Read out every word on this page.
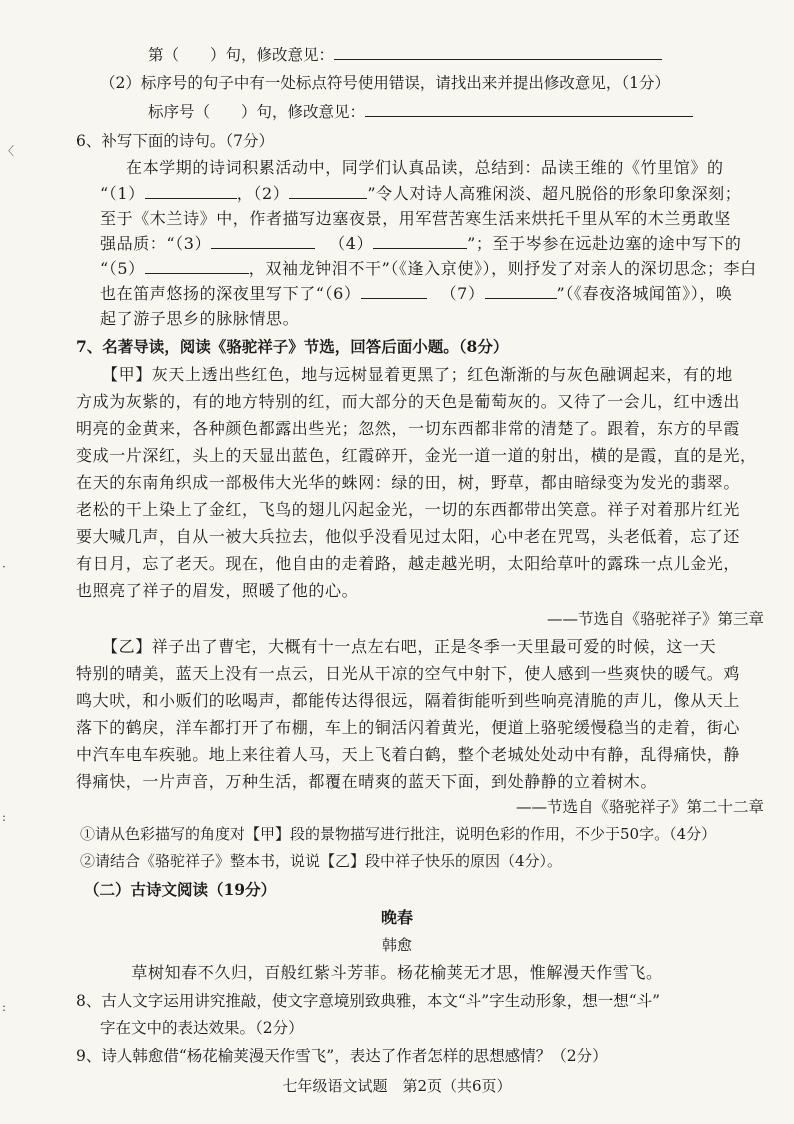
〈
·
:
:
第（　　）句，修改意见：
（2）标序号的句子中有一处标点符号使用错误，请找出来并提出修改意见，（1分）
标序号（　　）句，修改意见：
6、补写下面的诗句。（7分）
在本学期的诗词积累活动中，同学们认真品读，总结到：品读王维的《竹里馆》的
“（1）	，（2）	”令人对诗人高雅闲淡、超凡脱俗的形象印象深刻；
至于《木兰诗》中，作者描写边塞夜景，用军营苦寒生活来烘托千里从军的木兰勇敢坚
强品质：“（3）	（4）	”；至于岑参在远赴边塞的途中写下的
“（5）	，双袖龙钟泪不干”（《逢入京使》），则抒发了对亲人的深切思念；李白
也在笛声悠扬的深夜里写下了“（6）	（7）	”（《春夜洛城闻笛》），唤
起了游子思乡的脉脉情思。
7、名著导读，阅读《骆驼祥子》节选，回答后面小题。（8分）
【甲】灰天上透出些红色，地与远树显着更黑了；红色渐渐的与灰色融调起来，有的地
方成为灰紫的，有的地方特别的红，而大部分的天色是葡萄灰的。又待了一会儿，红中透出
明亮的金黄来，各种颜色都露出些光；忽然，一切东西都非常的清楚了。跟着，东方的早霞
变成一片深红，头上的天显出蓝色，红霞碎开，金光一道一道的射出，横的是霞，直的是光，
在天的东南角织成一部极伟大光华的蛛网：绿的田，树，野草，都由暗绿变为发光的翡翠。
老松的干上染上了金红，飞鸟的翅儿闪起金光，一切的东西都带出笑意。祥子对着那片红光
要大喊几声，自从一被大兵拉去，他似乎没看见过太阳，心中老在咒骂，头老低着，忘了还
有日月，忘了老天。现在，他自由的走着路，越走越光明，太阳给草叶的露珠一点儿金光，
也照亮了祥子的眉发，照暖了他的心。
——节选自《骆驼祥子》第三章
【乙】祥子出了曹宅，大概有十一点左右吧，正是冬季一天里最可爱的时候，这一天
特别的晴美，蓝天上没有一点云，日光从干凉的空气中射下，使人感到一些爽快的暖气。鸡
鸣大吠，和小贩们的吆喝声，都能传达得很远，隔着街能听到些响亮清脆的声儿，像从天上
落下的鹤戾，洋车都打开了布棚，车上的铜活闪着黄光，便道上骆驼缓慢稳当的走着，街心
中汽车电车疾驰。地上来往着人马，天上飞着白鹤，整个老城处处动中有静，乱得痛快，静
得痛快，一片声音，万种生活，都覆在晴爽的蓝天下面，到处静静的立着树木。
——节选自《骆驼祥子》第二十二章
①请从色彩描写的角度对【甲】段的景物描写进行批注，说明色彩的作用，不少于50字。（4分）
②请结合《骆驼祥子》整本书，说说【乙】段中祥子快乐的原因（4分）。
（二）古诗文阅读（19分）
晚春
韩愈
草树知春不久归，百般红紫斗芳菲。杨花榆荚无才思，惟解漫天作雪飞。
8、古人文字运用讲究推敲，使文字意境别致典雅，本文“斗”字生动形象，想一想“斗”
字在文中的表达效果。（2分）
9、诗人韩愈借“杨花榆荚漫天作雪飞”，表达了作者怎样的思想感情？（2分）
七年级语文试题　第2页（共6页）
